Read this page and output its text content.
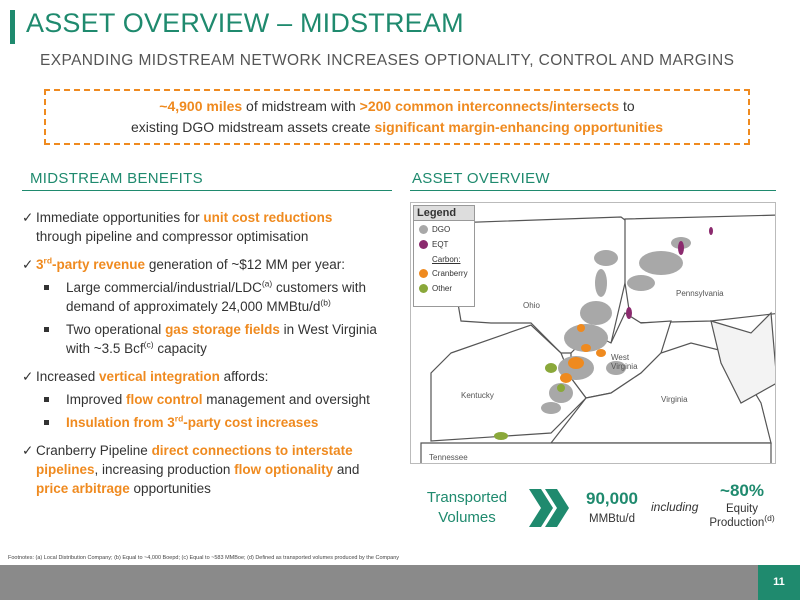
ASSET OVERVIEW – MIDSTREAM
EXPANDING MIDSTREAM NETWORK INCREASES OPTIONALITY, CONTROL AND MARGINS
~4,900 miles of midstream with >200 common interconnects/intersects to
existing DGO midstream assets create significant margin-enhancing opportunities
MIDSTREAM BENEFITS	ASSET OVERVIEW
✓ Immediate opportunities for unit cost reductions
through pipeline and compressor optimisation
✓ 3rd-party revenue generation of ~$12 MM per year:
Large commercial/industrial/LDC$^{(a)}$ customers with demand of approximately 24,000 MMBtu/$d^{(b)}$
Two operational gas storage fields in West Virginia with ~3.5 Bcf$^{(c)}$ capacity
✓ Increased vertical integration affords:
Improved flow control management and oversight
Insulation from 3rd-party cost increases
✓ Cranberry Pipeline direct connections to interstate pipelines, increasing production flow optionality and price arbitrage opportunities
Legend
DGO
EQT
Carbon:
Cranberry
Other
Ohio
Pennsylvania
West Virginia
Kentucky	Virginia
Tennessee
Transported Volumes
90,000
MMBtu/d
including
~80%
Equity Production$^{(d)}$
Footnotes: (a) Local Distribution Company; (b) Equal to ~4,000 Boepd; (c) Equal to ~583 MMBoe; (d) Defined as transported volumes produced by the Company
11
